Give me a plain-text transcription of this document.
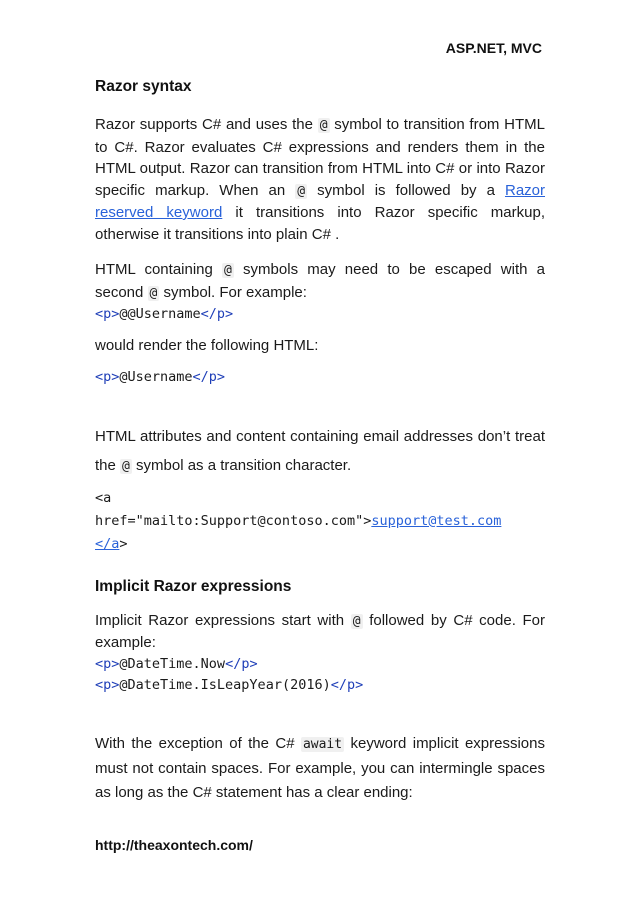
ASP.NET, MVC
Razor syntax

Razor supports C# and uses the @ symbol to transition from HTML to C#. Razor evaluates C# expressions and renders them in the HTML output. Razor can transition from HTML into C# or into Razor specific markup. When an @ symbol is followed by a Razor reserved keyword it transitions into Razor specific markup, otherwise it transitions into plain C# .

HTML containing @ symbols may need to be escaped with a second @ symbol. For example:

<p>@@Username</p>

would render the following HTML:

<p>@Username</p>

HTML attributes and content containing email addresses don’t treat the @ symbol as a transition character.

<a
href="mailto:Support@contoso.com">support@test.com
</a>
Implicit Razor expressions

Implicit Razor expressions start with @ followed by C# code. For example:

<p>@DateTime.Now</p>
<p>@DateTime.IsLeapYear(2016)</p>

With the exception of the C# await keyword implicit expressions must not contain spaces. For example, you can intermingle spaces as long as the C# statement has a clear ending:

http://theaxontech.com/
